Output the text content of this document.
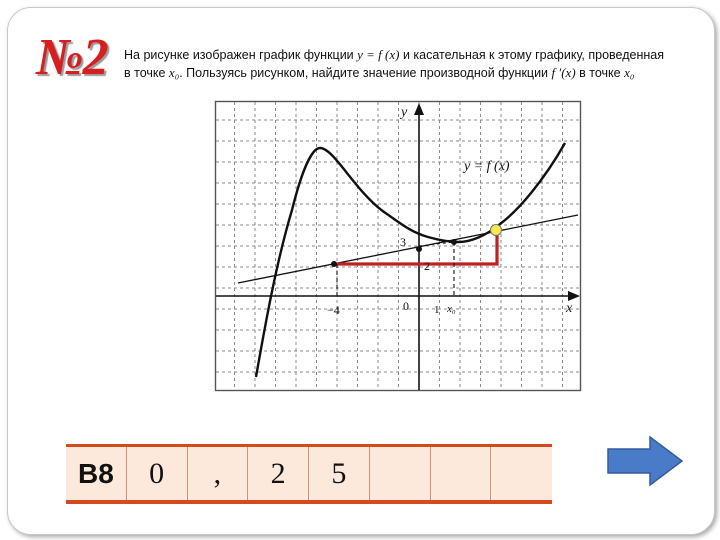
№2 На рисунке изображен график функции y = f (x) и касательная к этому графику, проведенная в точке x₀. Пользуясь рисунком, найдите значение производной функции f ′(x) в точке x₀
y
x
y = f (x)
−4	0 1 x₀
3
2
В8	0	,	2	5
